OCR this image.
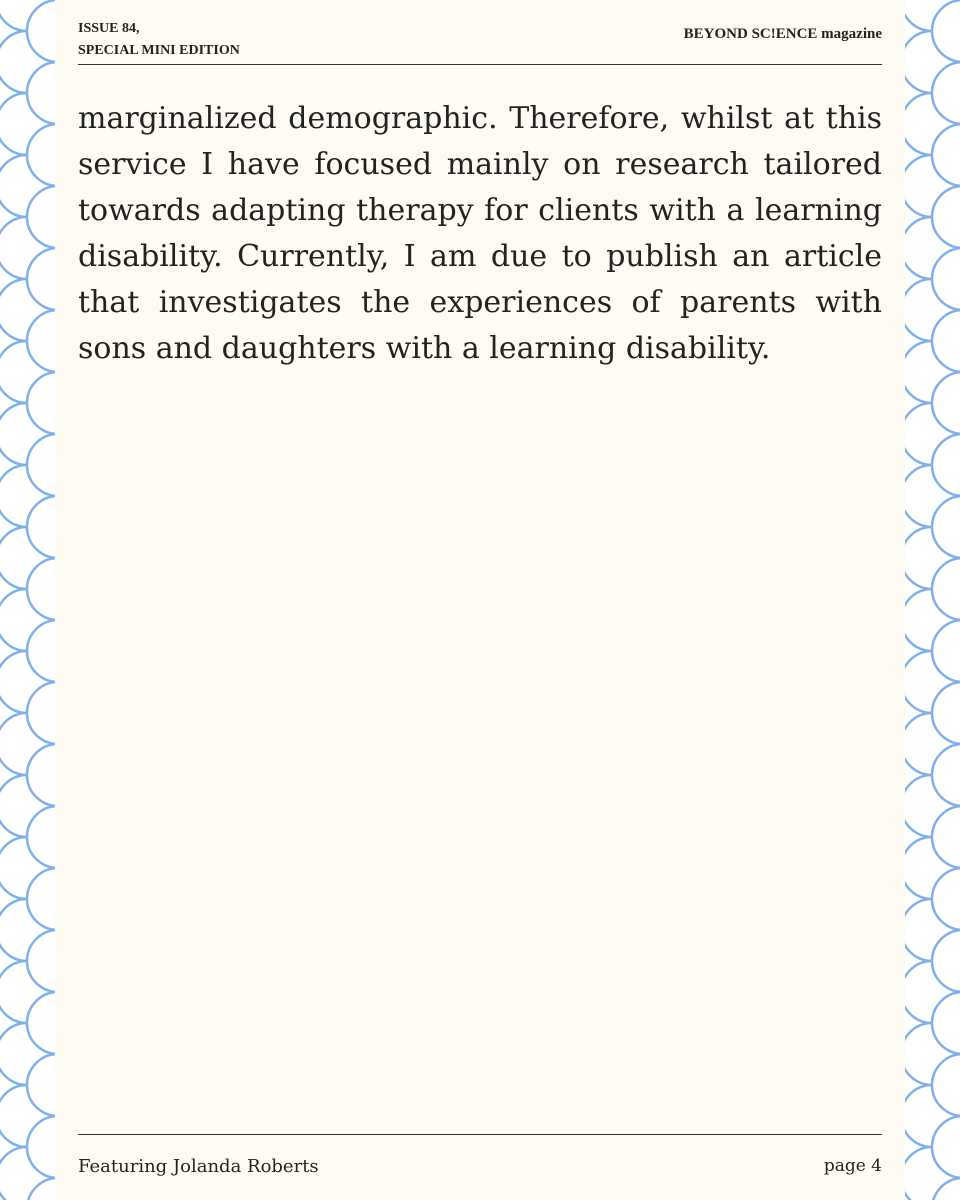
ISSUE 84,
SPECIAL MINI EDITION
BEYOND SC!ENCE magazine

marginalized demographic. Therefore, whilst at this service I have focused mainly on research tailored towards adapting therapy for clients with a learning disability. Currently, I am due to publish an article that investigates the experiences of parents with sons and daughters with a learning disability.

Featuring Jolanda Roberts	page 4
